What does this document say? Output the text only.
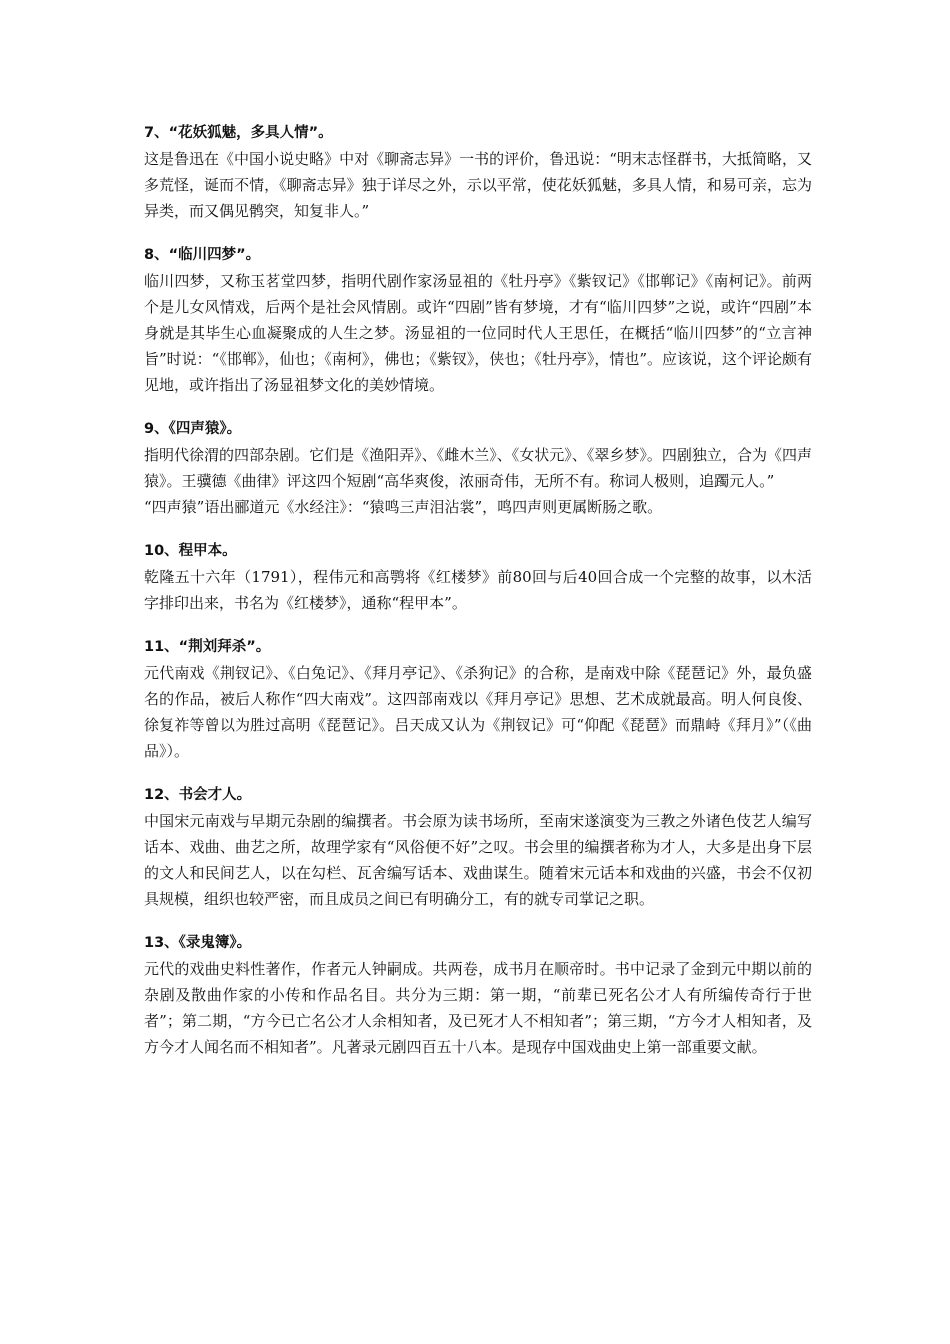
7、“花妖狐魅，多具人情”。

这是鲁迅在《中国小说史略》中对《聊斋志异》一书的评价，鲁迅说：“明末志怪群书，大抵简略，又多荒怪，诞而不情，《聊斋志异》独于详尽之外，示以平常，使花妖狐魅，多具人情，和易可亲，忘为异类，而又偶见鹘突，知复非人。”

8、“临川四梦”。

临川四梦，又称玉茗堂四梦，指明代剧作家汤显祖的《牡丹亭》《紫钗记》《邯郸记》《南柯记》。前两个是儿女风情戏，后两个是社会风情剧。或许“四剧”皆有梦境，才有“临川四梦”之说，或许“四剧”本身就是其毕生心血凝聚成的人生之梦。汤显祖的一位同时代人王思任，在概括“临川四梦”的“立言神旨”时说：“《邯郸》，仙也；《南柯》，佛也；《紫钗》，侠也；《牡丹亭》，情也”。应该说，这个评论颇有见地，或许指出了汤显祖梦文化的美妙情境。

9、《四声猿》。

指明代徐渭的四部杂剧。它们是《渔阳弄》、《雌木兰》、《女状元》、《翠乡梦》。四剧独立，合为《四声猿》。王骥德《曲律》评这四个短剧“高华爽俊，浓丽奇伟，无所不有。称词人极则，追躅元人。”

“四声猿”语出郦道元《水经注》：“猿鸣三声泪沾裳”，鸣四声则更属断肠之歌。

10、程甲本。

乾隆五十六年（1791），程伟元和高鹗将《红楼梦》前80回与后40回合成一个完整的故事，以木活字排印出来，书名为《红楼梦》，通称“程甲本”。

11、“荆刘拜杀”。

元代南戏《荆钗记》、《白兔记》、《拜月亭记》、《杀狗记》的合称，是南戏中除《琵琶记》外，最负盛名的作品，被后人称作“四大南戏”。这四部南戏以《拜月亭记》思想、艺术成就最高。明人何良俊、徐复祚等曾以为胜过高明《琵琶记》。吕天成又认为《荆钗记》可“仰配《琵琶》而鼎峙《拜月》”（《曲品》）。

12、书会才人。

中国宋元南戏与早期元杂剧的编撰者。书会原为读书场所，至南宋遂演变为三教之外诸色伎艺人编写话本、戏曲、曲艺之所，故理学家有“风俗便不好”之叹。书会里的编撰者称为才人，大多是出身下层的文人和民间艺人，以在勾栏、瓦舍编写话本、戏曲谋生。随着宋元话本和戏曲的兴盛，书会不仅初具规模，组织也较严密，而且成员之间已有明确分工，有的就专司掌记之职。

13、《录鬼簿》。

元代的戏曲史料性著作，作者元人钟嗣成。共两卷，成书月在顺帝时。书中记录了金到元中期以前的杂剧及散曲作家的小传和作品名目。共分为三期：第一期，“前辈已死名公才人有所编传奇行于世者”；第二期，“方今已亡名公才人余相知者，及已死才人不相知者”；第三期，“方今才人相知者，及方今才人闻名而不相知者”。凡著录元剧四百五十八本。是现存中国戏曲史上第一部重要文献。
